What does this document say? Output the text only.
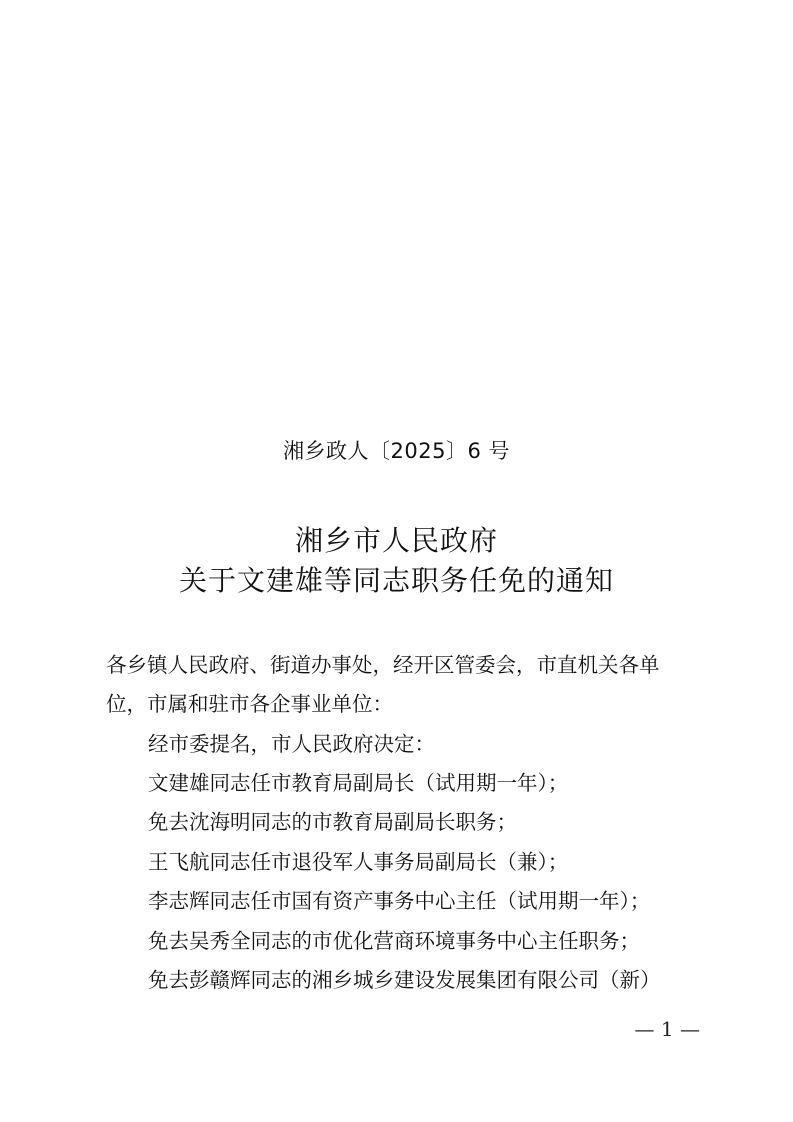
湘乡政人〔2025〕6 号
湘乡市人民政府
关于文建雄等同志职务任免的通知
各乡镇人民政府、街道办事处，经开区管委会，市直机关各单
位，市属和驻市各企事业单位：
经市委提名，市人民政府决定：
文建雄同志任市教育局副局长（试用期一年）；
免去沈海明同志的市教育局副局长职务；
王飞航同志任市退役军人事务局副局长（兼）；
李志辉同志任市国有资产事务中心主任（试用期一年）；
免去吴秀全同志的市优化营商环境事务中心主任职务；
免去彭赣辉同志的湘乡城乡建设发展集团有限公司（新）
— 1 —
